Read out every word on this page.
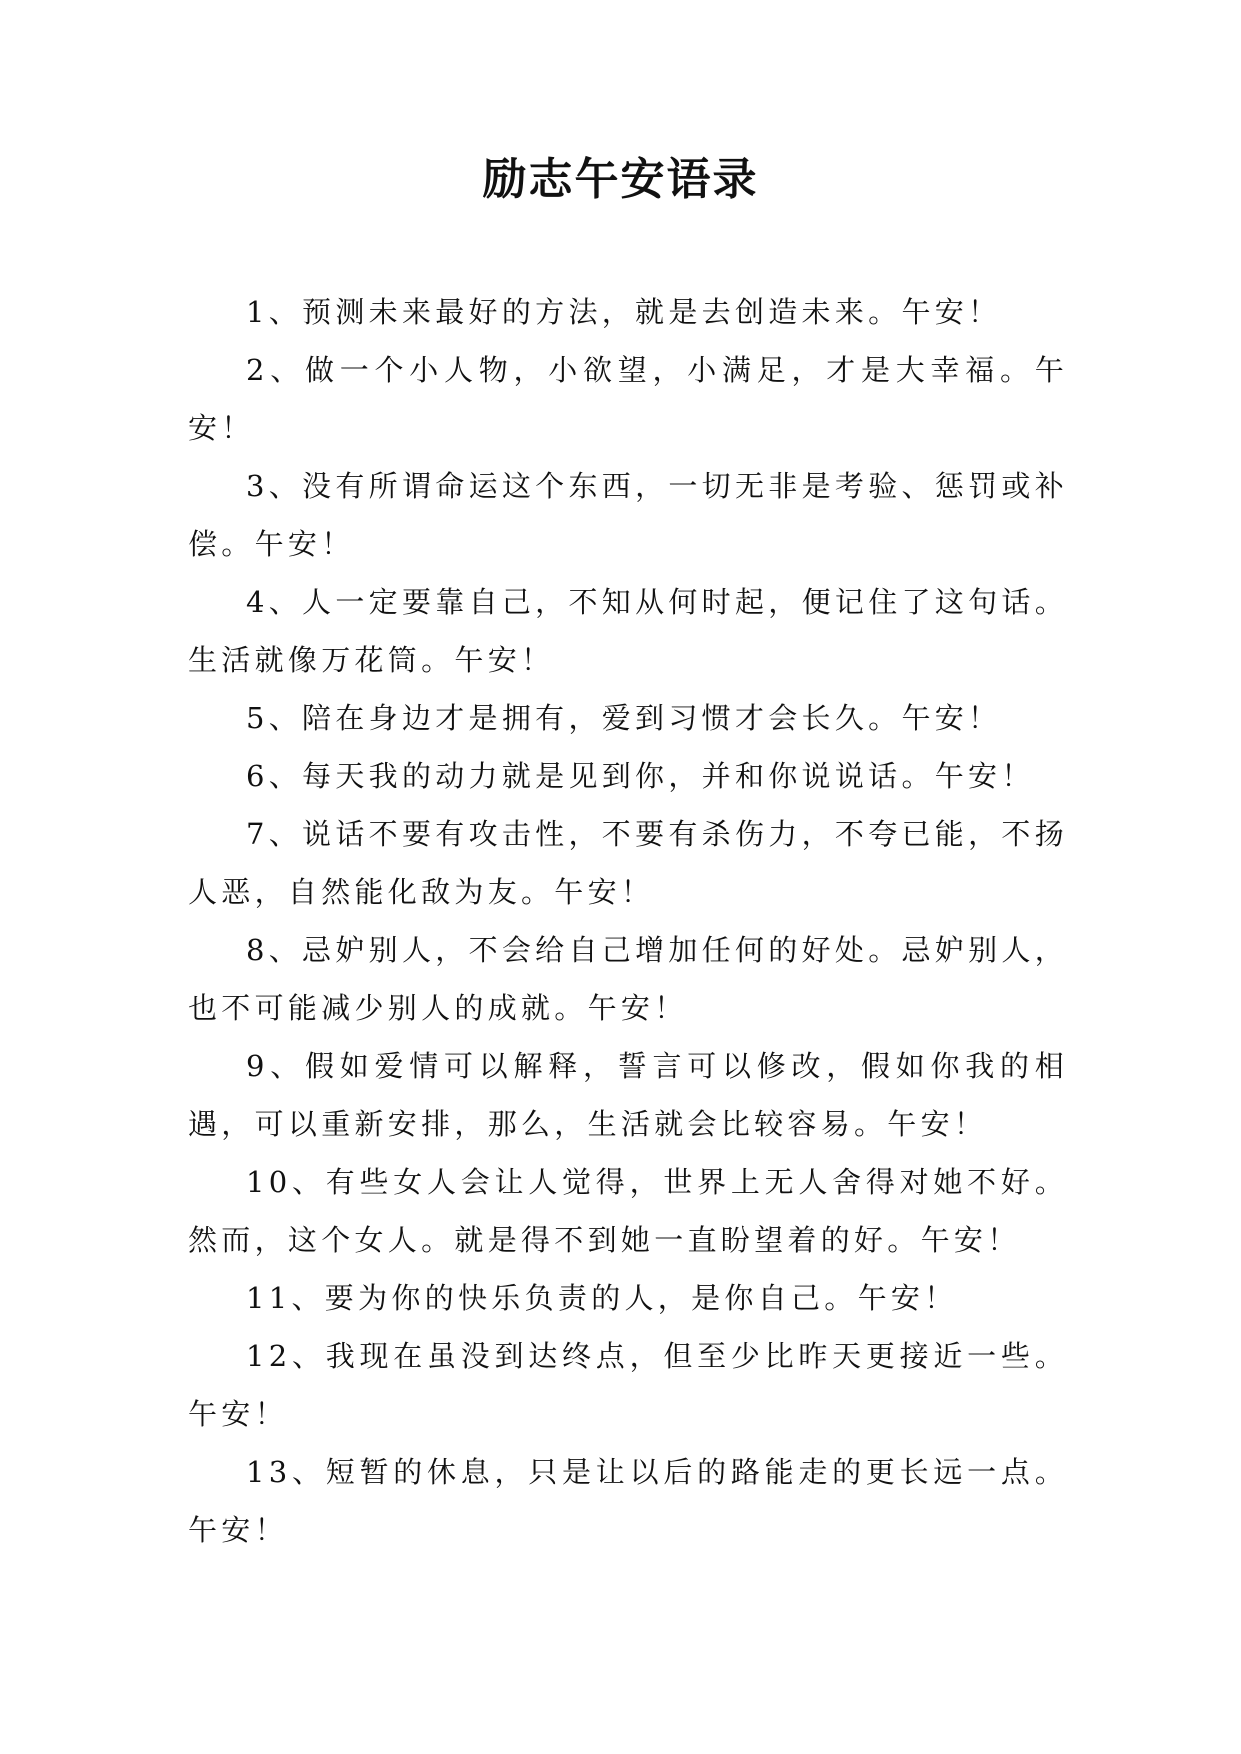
励志午安语录

1、预测未来最好的方法，就是去创造未来。午安！

2、做一个小人物，小欲望，小满足，才是大幸福。午安！

3、没有所谓命运这个东西，一切无非是考验、惩罚或补偿。午安！

4、人一定要靠自己，不知从何时起，便记住了这句话。生活就像万花筒。午安！

5、陪在身边才是拥有，爱到习惯才会长久。午安！

6、每天我的动力就是见到你，并和你说说话。午安！

7、说话不要有攻击性，不要有杀伤力，不夸已能，不扬人恶，自然能化敌为友。午安！

8、忌妒别人，不会给自己增加任何的好处。忌妒别人，也不可能减少别人的成就。午安！

9、假如爱情可以解释，誓言可以修改，假如你我的相遇，可以重新安排，那么，生活就会比较容易。午安！

10、有些女人会让人觉得，世界上无人舍得对她不好。然而，这个女人。就是得不到她一直盼望着的好。午安！

11、要为你的快乐负责的人，是你自己。午安！

12、我现在虽没到达终点，但至少比昨天更接近一些。午安！

13、短暂的休息，只是让以后的路能走的更长远一点。午安！
